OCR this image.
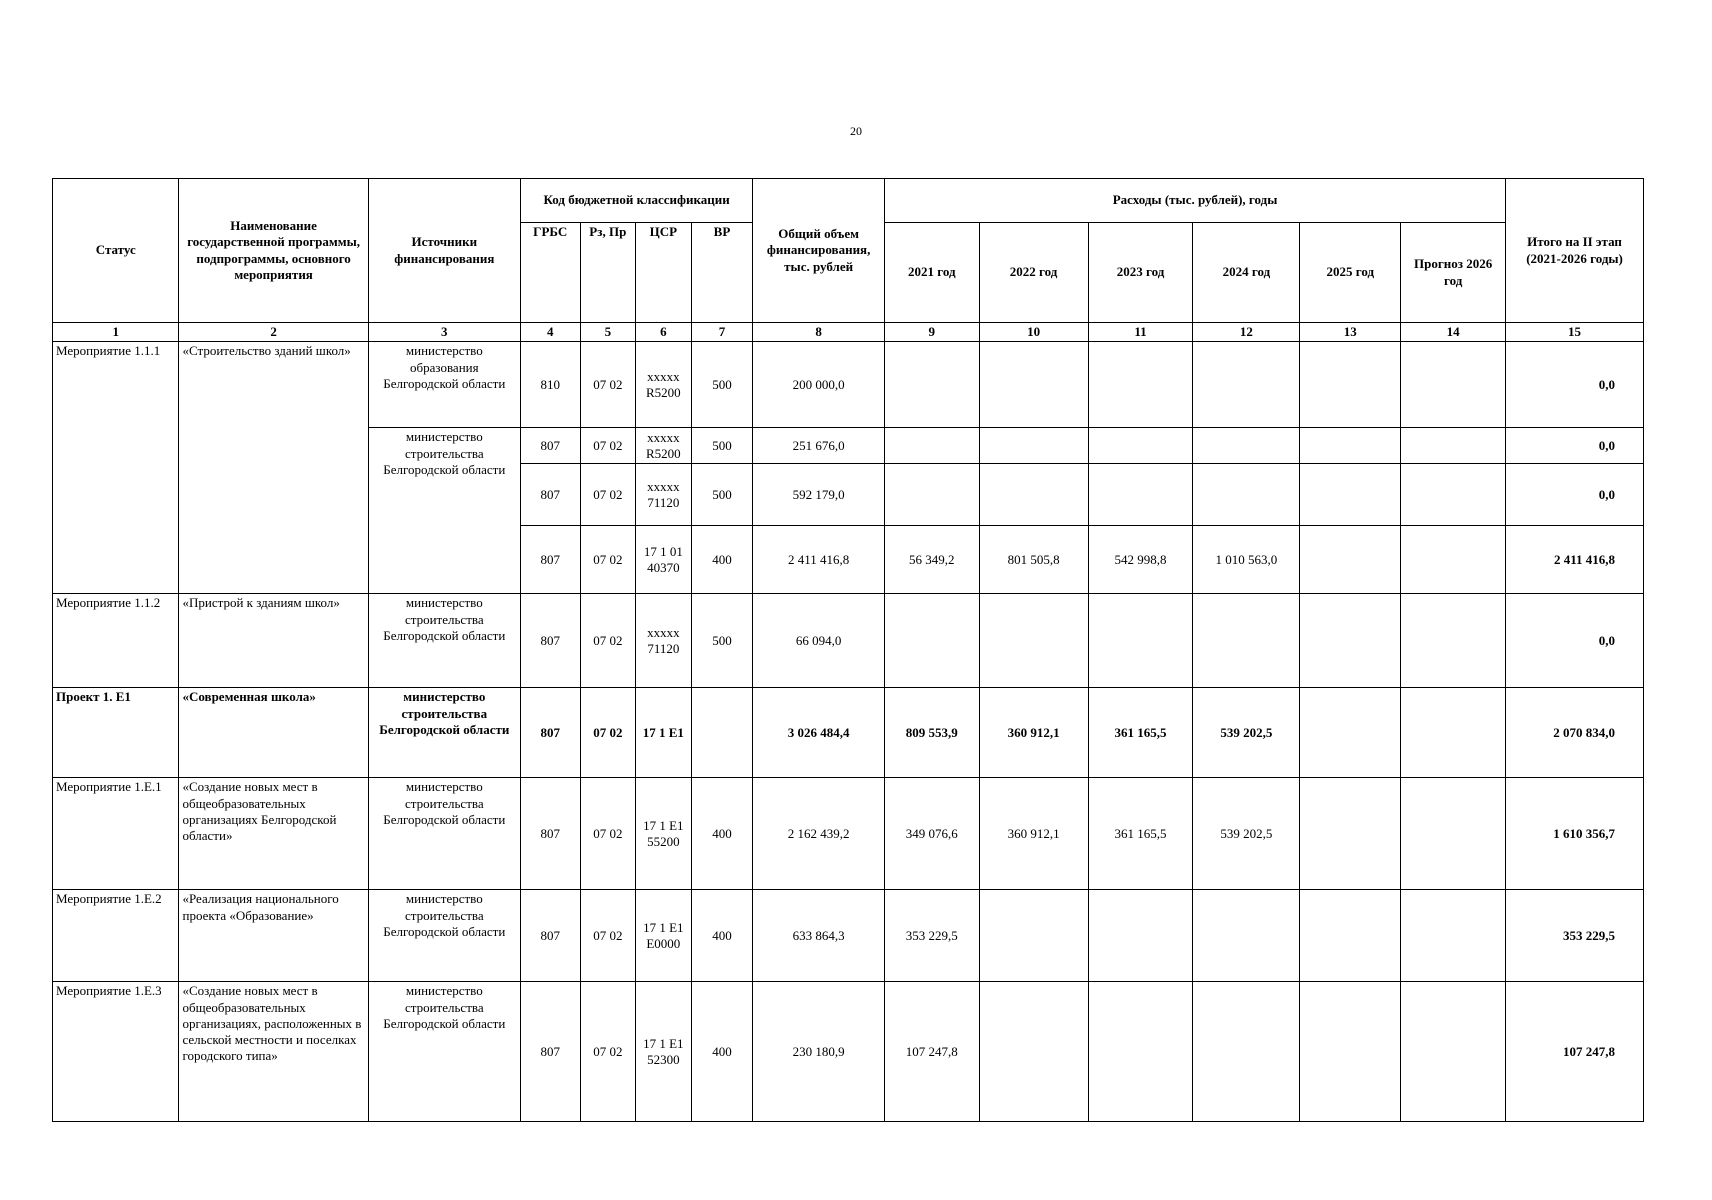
20
Статус	Наименование государственной программы, подпрограммы, основного мероприятия	Источники финансирования	Код бюджетной классификации				Общий объем финансирования, тыс. рублей	Расходы (тыс. рублей), годы						Итого на II этап (2021-2026 годы)
			ГРБС	Рз, Пр	ЦСР	ВР		2021 год	2022 год	2023 год	2024 год	2025 год	Прогноз 2026 год	
1	2	3	4	5	6	7	8	9	10	11	12	13	14	15
Мероприятие 1.1.1	«Строительство зданий школ»	министерство образования Белгородской области	810	07 02	xxxxx R5200	500	200 000,0							0,0
		министерство строительства Белгородской области	807	07 02	xxxxx R5200	500	251 676,0							0,0
			807	07 02	xxxxx 71120	500	592 179,0							0,0
			807	07 02	17 1 01 40370	400	2 411 416,8	56 349,2	801 505,8	542 998,8	1 010 563,0			2 411 416,8
Мероприятие 1.1.2	«Пристрой к зданиям школ»	министерство строительства Белгородской области	807	07 02	xxxxx 71120	500	66 094,0							0,0
Проект 1. Е1	«Современная школа»	министерство строительства Белгородской области	807	07 02	17 1 Е1		3 026 484,4	809 553,9	360 912,1	361 165,5	539 202,5			2 070 834,0
Мероприятие 1.Е.1	«Создание новых мест в общеобразовательных организациях Белгородской области»	министерство строительства Белгородской области	807	07 02	17 1 Е1 55200	400	2 162 439,2	349 076,6	360 912,1	361 165,5	539 202,5			1 610 356,7
Мероприятие 1.Е.2	«Реализация национального проекта «Образование»	министерство строительства Белгородской области	807	07 02	17 1 Е1 Е0000	400	633 864,3	353 229,5						353 229,5
Мероприятие 1.Е.3	«Создание новых мест в общеобразовательных организациях, расположенных в сельской местности и поселках городского типа»	министерство строительства Белгородской области	807	07 02	17 1 Е1 52300	400	230 180,9	107 247,8						107 247,8
